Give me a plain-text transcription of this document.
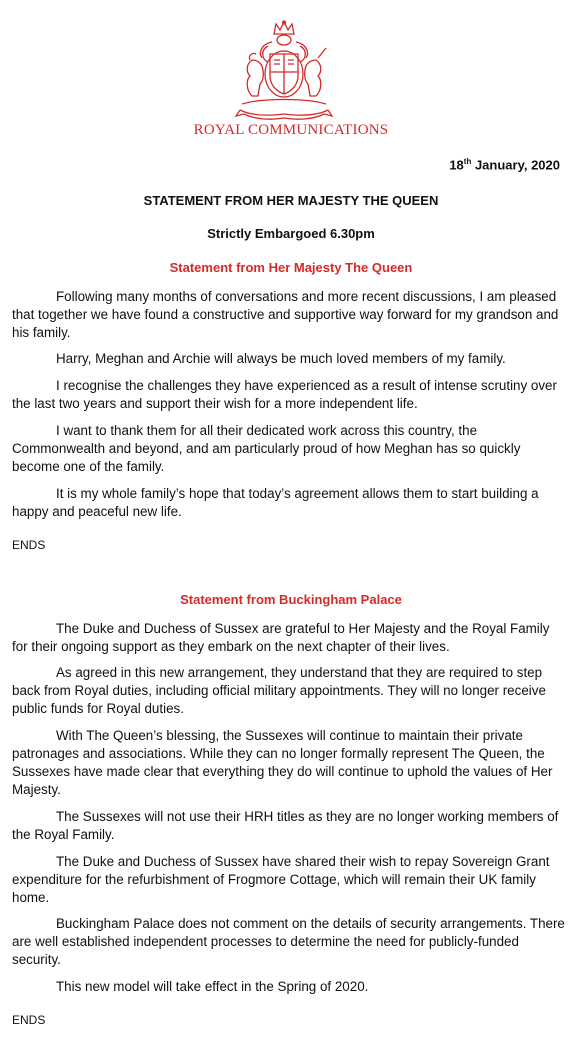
ROYAL COMMUNICATIONS
18th January, 2020
STATEMENT FROM HER MAJESTY THE QUEEN
Strictly Embargoed 6.30pm
Statement from Her Majesty The Queen
Following many months of conversations and more recent discussions, I am pleased that together we have found a constructive and supportive way forward for my grandson and his family.
Harry, Meghan and Archie will always be much loved members of my family.
I recognise the challenges they have experienced as a result of intense scrutiny over the last two years and support their wish for a more independent life.
I want to thank them for all their dedicated work across this country, the Commonwealth and beyond, and am particularly proud of how Meghan has so quickly become one of the family.
It is my whole family’s hope that today’s agreement allows them to start building a happy and peaceful new life.
ENDS
Statement from Buckingham Palace
The Duke and Duchess of Sussex are grateful to Her Majesty and the Royal Family for their ongoing support as they embark on the next chapter of their lives.
As agreed in this new arrangement, they understand that they are required to step back from Royal duties, including official military appointments. They will no longer receive public funds for Royal duties.
With The Queen’s blessing, the Sussexes will continue to maintain their private patronages and associations. While they can no longer formally represent The Queen, the Sussexes have made clear that everything they do will continue to uphold the values of Her Majesty.
The Sussexes will not use their HRH titles as they are no longer working members of the Royal Family.
The Duke and Duchess of Sussex have shared their wish to repay Sovereign Grant expenditure for the refurbishment of Frogmore Cottage, which will remain their UK family home.
Buckingham Palace does not comment on the details of security arrangements. There are well established independent processes to determine the need for publicly-funded security.
This new model will take effect in the Spring of 2020.
ENDS
